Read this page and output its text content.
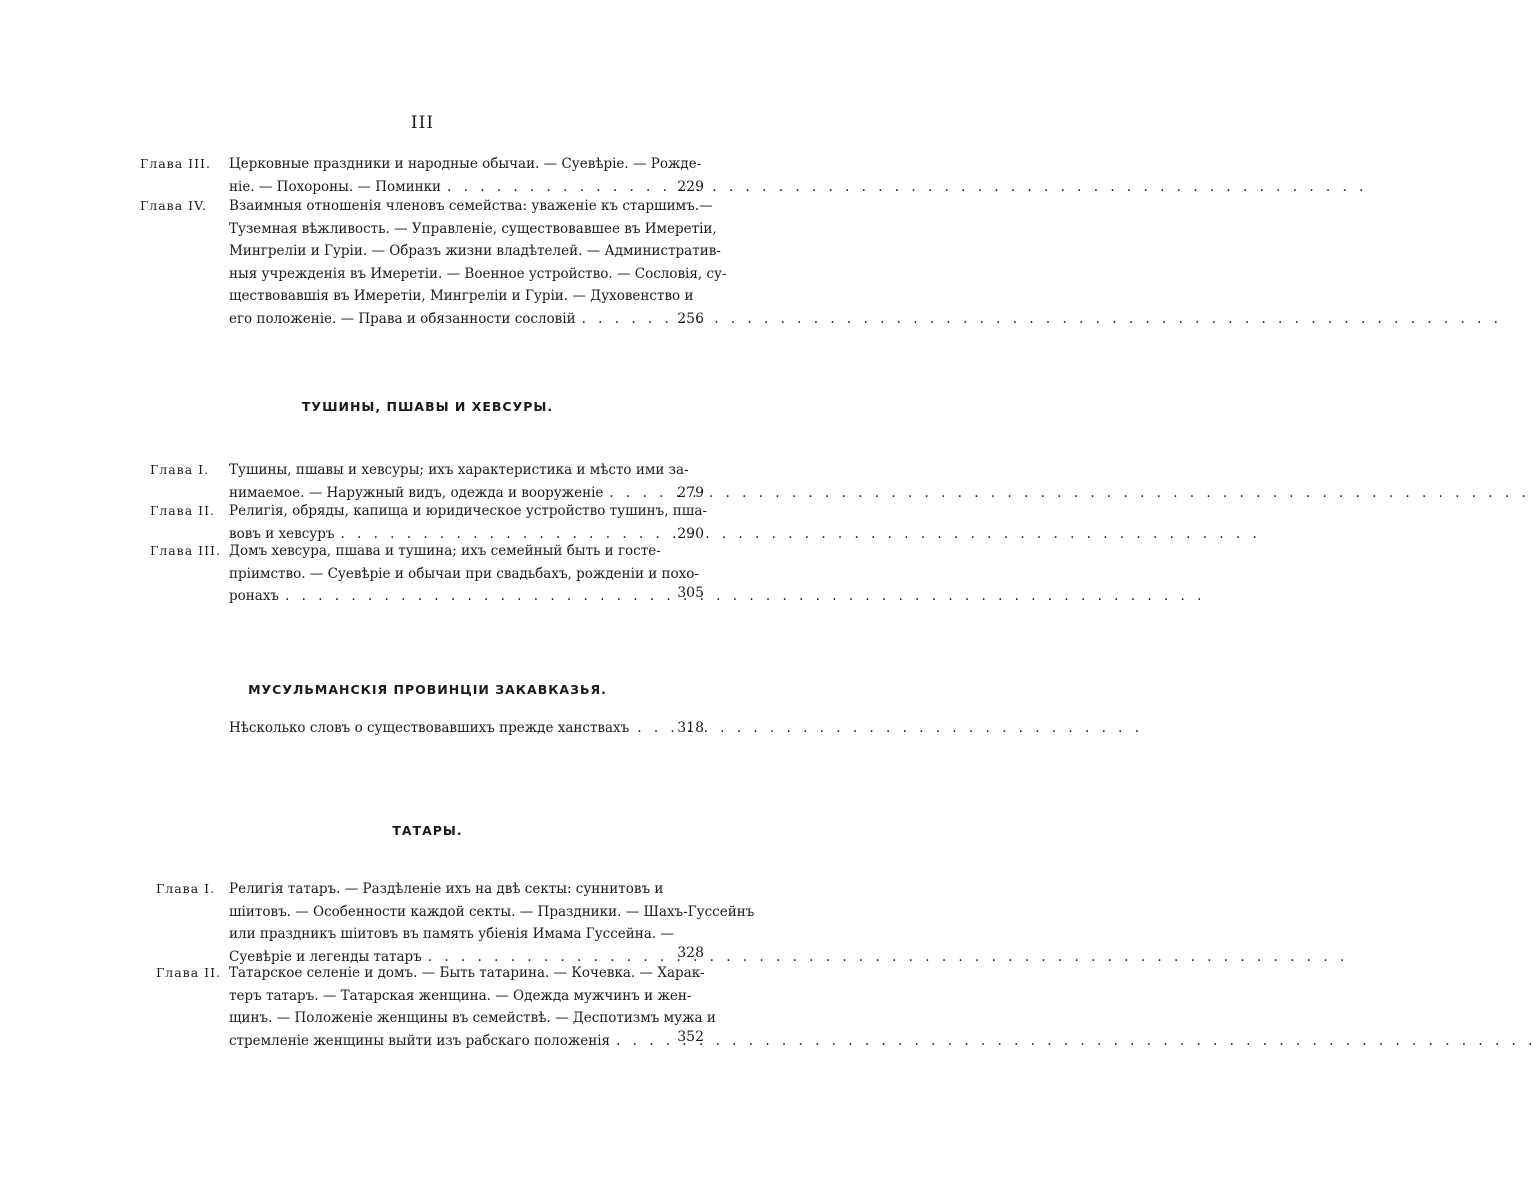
III
Глава III.	Церковные праздники и народные обычаи. — Суевѣріе. — Рожде-
ніе. — Похороны. — Поминки . . .	229
Глава IV.	Взаимныя отношенія членовъ семейства: уваженіе къ старшимъ.—
Туземная вѣжливость. — Управленіе, существовавшее въ Имеретіи,
Мингреліи и Гуріи. — Образъ жизни владѣтелей. — Административ-
ныя учрежденія въ Имеретіи. — Военное устройство. — Сословія, су-
ществовавшія въ Имеретіи, Мингреліи и Гуріи. — Духовенство и
его положеніе. — Права и обязанности сословій . . .	256
ТУШИНЫ, ПШАВЫ И ХЕВСУРЫ.
Глава I.	Тушины, пшавы и хевсуры; ихъ характеристика и мѣсто ими за-
нимаемое. — Наружный видъ, одежда и вооруженіе . . .	279
Глава II.	Религія, обряды, капища и юридическое устройство тушинъ, пша-
вовъ и хевсуръ . . .	290
Глава III. Домъ хевсура, пшава и тушина; ихъ семейный быть и госте-
пріимство. — Суевѣріе и обычаи при свадьбахъ, рожденіи и похо-
ронахъ . . .	305
МУСУЛЬМАНСКІЯ ПРОВИНЦІИ ЗАКАВКАЗЬЯ.
Нѣсколько словъ о существовавшихъ прежде ханствахъ . . .	318
ТАТАРЫ.
Глава I.	Религія татаръ. — Раздѣленіе ихъ на двѣ секты: суннитовъ и
шіитовъ. — Особенности каждой секты. — Праздники. — Шахъ-Гуссейнъ
или праздникъ шіитовъ въ память убіенія Имама Гуссейна. —
Суевѣріе и легенды татаръ . . .	328
Глава II. Татарское селеніе и домъ. — Быть татарина. — Кочевка. — Харак-
теръ татаръ. — Татарская женщина. — Одежда мужчинъ и жен-
щинъ. — Положеніе женщины въ семействѣ. — Деспотизмъ мужа и
стремленіе женщины выйти изъ рабскаго положенія . . .	352
